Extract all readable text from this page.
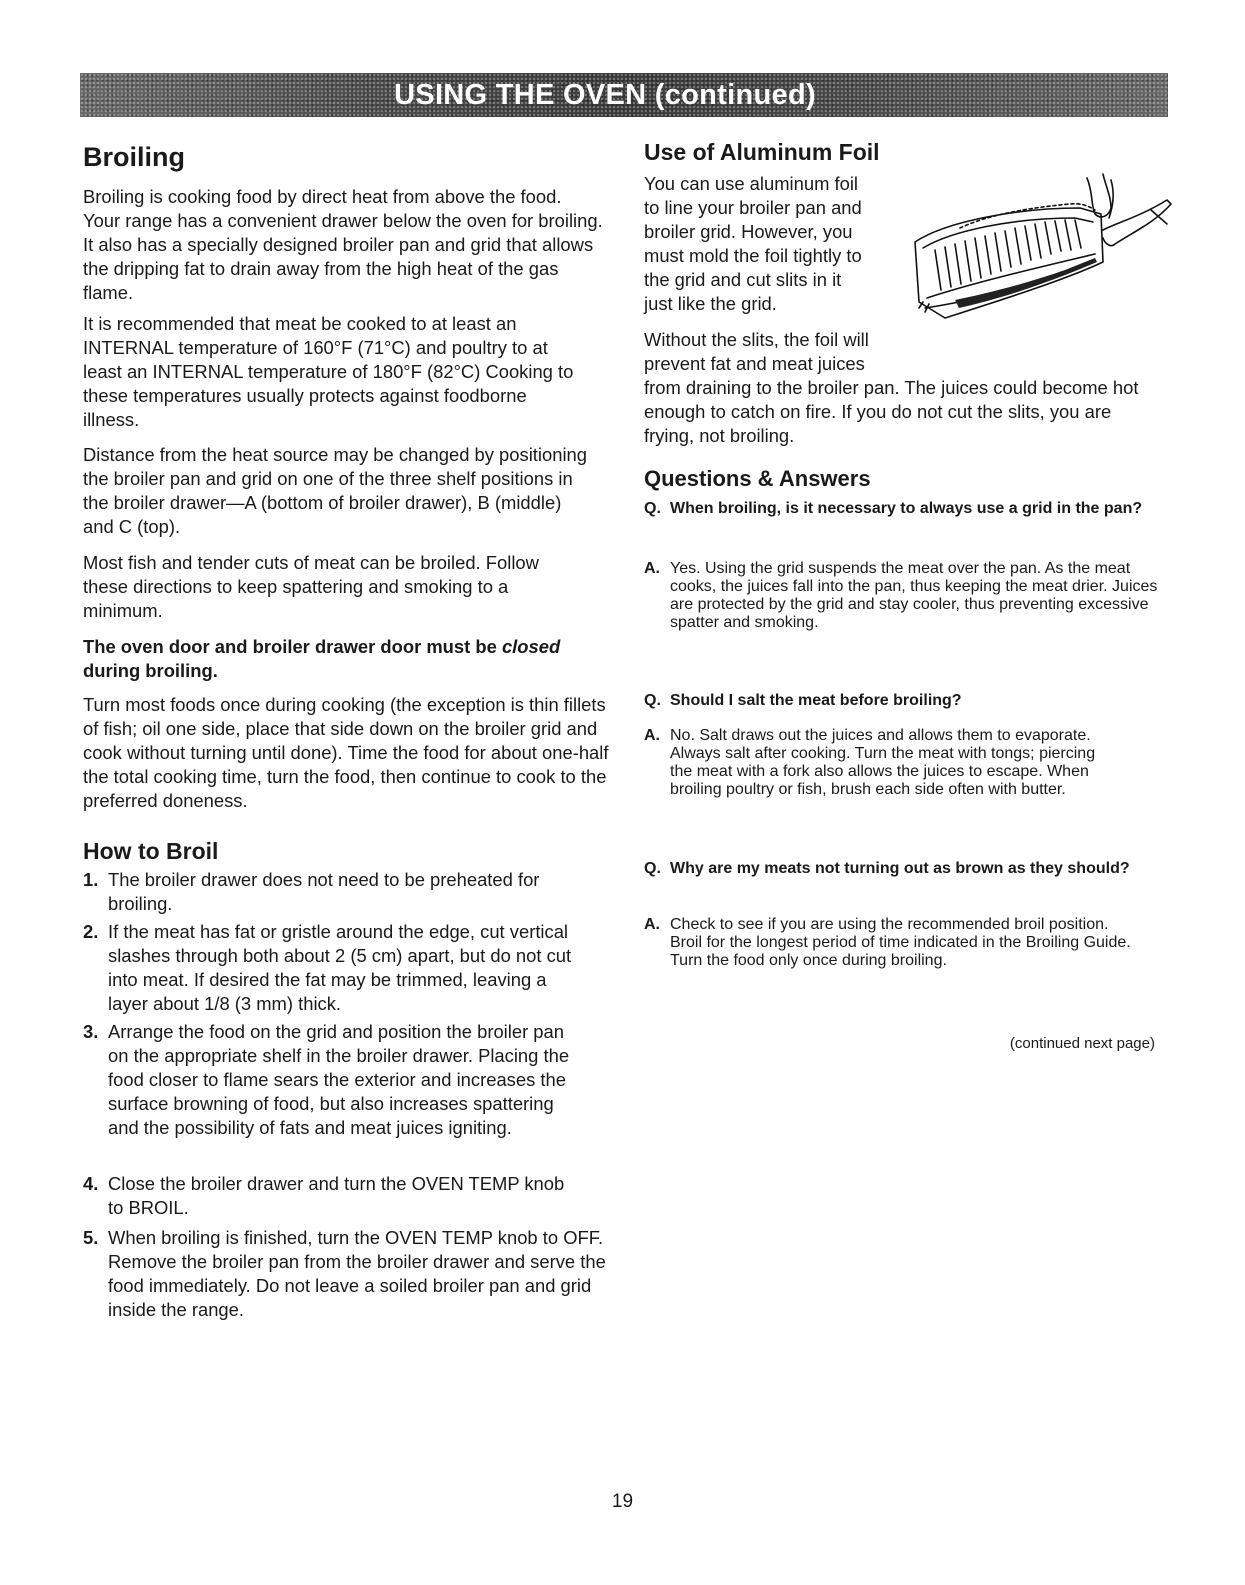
USING THE OVEN (continued)
Broiling

Broiling is cooking food by direct heat from above the food. Your range has a convenient drawer below the oven for broiling. It also has a specially designed broiler pan and grid that allows the dripping fat to drain away from the high heat of the gas flame.

It is recommended that meat be cooked to at least an INTERNAL temperature of 160°F (71°C) and poultry to at least an INTERNAL temperature of 180°F (82°C) Cooking to these temperatures usually protects against foodborne illness.

Distance from the heat source may be changed by positioning the broiler pan and grid on one of the three shelf positions in the broiler drawer—A (bottom of broiler drawer), B (middle) and C (top).

Most fish and tender cuts of meat can be broiled. Follow these directions to keep spattering and smoking to a minimum.

The oven door and broiler drawer door must be closed during broiling.

Turn most foods once during cooking (the exception is thin fillets of fish; oil one side, place that side down on the broiler grid and cook without turning until done). Time the food for about one-half the total cooking time, turn the food, then continue to cook to the preferred doneness.

How to Broil
1. The broiler drawer does not need to be preheated for broiling.
2. If the meat has fat or gristle around the edge, cut vertical slashes through both about 2 (5 cm) apart, but do not cut into meat. If desired the fat may be trimmed, leaving a layer about 1/8 (3 mm) thick.
3. Arrange the food on the grid and position the broiler pan on the appropriate shelf in the broiler drawer. Placing the food closer to flame sears the exterior and increases the surface browning of food, but also increases spattering and the possibility of fats and meat juices igniting.
4. Close the broiler drawer and turn the OVEN TEMP knob to BROIL.
5. When broiling is finished, turn the OVEN TEMP knob to OFF. Remove the broiler pan from the broiler drawer and serve the food immediately. Do not leave a soiled broiler pan and grid inside the range.
Use of Aluminum Foil

You can use aluminum foil

to line your broiler pan and

broiler grid. However, you

must mold the foil tightly to

the grid and cut slits in it

just like the grid.

Without the slits, the foil will

prevent fat and meat juices

from draining to the broiler pan. The juices could become hot enough to catch on fire. If you do not cut the slits, you are frying, not broiling.

Questions & Answers
Q. When broiling, is it necessary to always use a grid in the pan?
A. Yes. Using the grid suspends the meat over the pan. As the meat cooks, the juices fall into the pan, thus keeping the meat drier. Juices are protected by the grid and stay cooler, thus preventing excessive spatter and smoking.
Q. Should I salt the meat before broiling?
A. No. Salt draws out the juices and allows them to evaporate. Always salt after cooking. Turn the meat with tongs; piercing the meat with a fork also allows the juices to escape. When broiling poultry or fish, brush each side often with butter.
Q. Why are my meats not turning out as brown as they should?
A. Check to see if you are using the recommended broil position. Broil for the longest period of time indicated in the Broiling Guide. Turn the food only once during broiling.
(continued next page)
19
